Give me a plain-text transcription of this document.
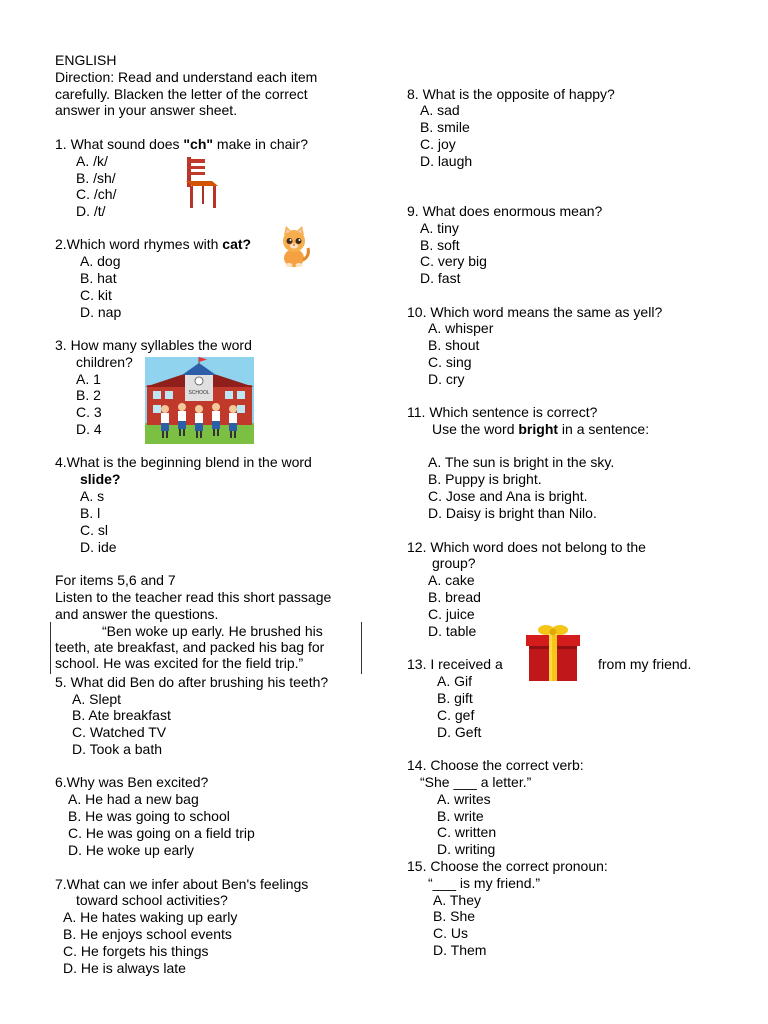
ENGLISH
Direction: Read and understand each item
carefully. Blacken the letter of the correct
answer in your answer sheet.
1. What sound does "ch" make in chair?
A. /k/
B. /sh/
C. /ch/
D. /t/
2.Which word rhymes with cat?
A. dog
B. hat
C. kit
D. nap
3. How many syllables the word
children?
A. 1
B. 2
C. 3
D. 4
SCHOOL
4.What is the beginning blend in the word
slide?
A. s
B. l
C. sl
D. ide
For items 5,6 and 7
Listen to the teacher read this short passage
and answer the questions.
“Ben woke up early. He brushed his
teeth, ate breakfast, and packed his bag for
school. He was excited for the field trip.”
5. What did Ben do after brushing his teeth?
A. Slept
B. Ate breakfast
C. Watched TV
D. Took a bath
6.Why was Ben excited?
A. He had a new bag
B. He was going to school
C. He was going on a field trip
D. He woke up early
7.What can we infer about Ben's feelings
toward school activities?
A. He hates waking up early
B. He enjoys school events
C. He forgets his things
D. He is always late
8. What is the opposite of happy?
A. sad
B. smile
C. joy
D. laugh
9. What does enormous mean?
A. tiny
B. soft
C. very big
D. fast
10. Which word means the same as yell?
A. whisper
B. shout
C. sing
D. cry
11. Which sentence is correct?
Use the word bright in a sentence:
A. The sun is bright in the sky.
B. Puppy is bright.
C. Jose and Ana is bright.
D. Daisy is bright than Nilo.
12. Which word does not belong to the
group?
A. cake
B. bread
C. juice
D. table
13. I received a	from my friend.
A. Gif
B. gift
C. gef
D. Geft
14. Choose the correct verb:
“She ___ a letter.”
A. writes
B. write
C. written
D. writing
15. Choose the correct pronoun:
“___ is my friend.”
A. They
B. She
C. Us
D. Them
